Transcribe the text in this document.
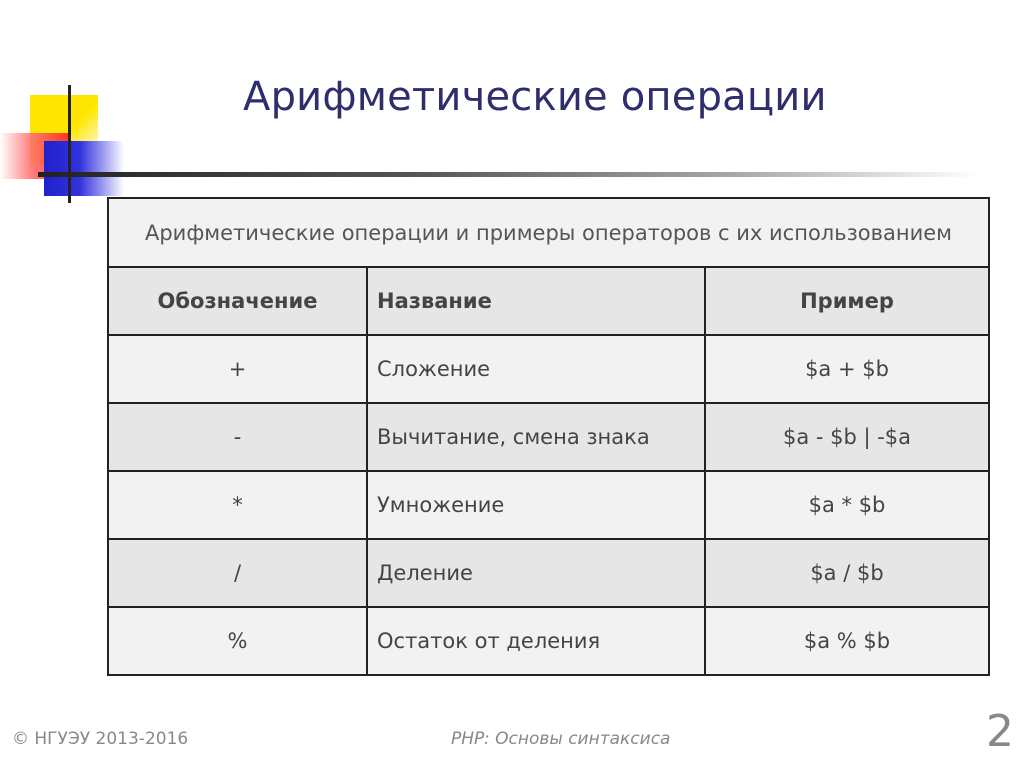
Арифметические операции
Арифметические операции и примеры операторов с их использованием		
Обозначение	Название	Пример
+	Сложение	$a + $b
-	Вычитание, смена знака	$a - $b | -$a
*	Умножение	$a * $b
/	Деление	$a / $b
%	Остаток от деления	$a % $b
© НГУЭУ 2013-2016	PHP: Основы синтаксиса	2
